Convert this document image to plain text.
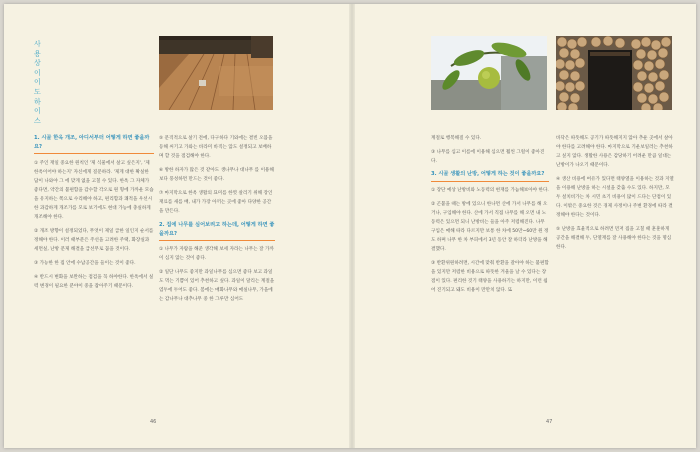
사용상이이도하이스
1. 시골 한옥 개조, 아디서부터 어떻게 하면 좋을까요?

① 주인 재일 중요한 원칙인 '제 식물에서 살고 싶은지', '제 한옥이어야 하는지' 자신에게 질문하라. '제게 대한 확실한 답이 나와야 그 에 맞게 없을 고칠 수 있다. 한옥 그 자체가 좋다면, 약간의 불편함을 감수할 각오로 원 형에 가까운 모습을 유지하는 쪽으로 수리해야 하고, 편리함과 쾌적을 우선시한 과감하게 개조가를 모로 보기에도 현대 가능에 충실하게 개조해야 한다.

② 개조 방향이 설정되었다, 무엇이 제일 급한 일인지 순서를 정해야 한다. 이러 때부분은 주선을 고려한 주택, 화장실과 세면실, 난방 문제 해결을 급선무로 꼽을 것이다.

③ 가능한 한 집 안에 수납공간을 들이는 것이 좋다.

④ 반드시 변화을 보완하는 점검을 꼭 하야한다. 한옥에서 실력 변경이 필요한 분야이 중을 잡아주기 때문이다.

⑤ 문격적으로 살기 전에, 다구하다 기와에는 결빈 오믐을 등해 씨기고 가와는 바라미 바직는 않도 설정되고 보배하며 할 것을 점검해야 한다.

⑥ 방한 하자가 많은 것 같아도 생나무나 대나무 를 이용해 보다 풍성하면 만드는 것이 좋다.

⑦ 마지막으로 한옥 생활의 묘미를 한껏 살리기 위해 장인 재료를 새를 배, 내가 가장 아끼는 곳에 좋아 다양한 공간을 만든다.

2. 집에 나무를 심어보려고 하는데, 어떻게 하면 좋을까요?

① 나무가 자람을 해준 생각해 보세 자라는 나무는 잘 가까이 심지 않는 것이 좋다.

② 일단 나무도 좋지만 과일나무를 심으면 좋다 보고 과일도 먹는 기쁨이 있어 추천하고 싶다. 과일이 달리는 계절을 염두에 두어도 좋다. 봄에는 매화나무와 매실나무, 가을에는 감나무나 대추나무 중 한 그루만 심어도

계절로 행복해질 수 있다.

③ 나무를 심고 이름에 이용해 심으면 훨씬 그럴이 좋아진다.

3. 시골 생활의 난방, 어떻게 하는 것이 좋을까요?

① 장단 예상 난방비와 노동력의 현재를 가늠해보아야 한다.

② 곤불을 때는 방에 있으니 한나면 산에 가서 나무를 해 오거나, 구입해야 한다. 산에 가서 직접 나무를 해 오면 내 노동력은 있으면 되니 난방비는 들을 아주 저렴해진다. 나무 구입은 매해 따라 다르지만 보통 한 차에 50만~60만 원 정도 하며 나무 한 차 부피에서 3년 동안 잘 하더라 난방을 해결했다.

③ 반환위원하려면, 시간에 맞춰 반환을 갈아야 하는 불편함을 있지만 저렴한 비용으로 따뜻한 겨울을 날 수 있다는 장점이 있다. 편리한 것기 태양을 사용하기는 하지만, 이런 쉽어 진기되고 돼도 비용이 만만치 않다. 또

바닥은 따뜻해도 공기가 따뜻해지지 않아 추운 곳에서 살아야 한다를 고려해야 한다. 마지막으로 기운보일러는 추천하고 싶지 않다. 생활한 사용은 감당하기 어려운 만큼 일대는 난방이가 나오기 때문이다.

④ 생산 비용에 여유가 있다면 태양열을 이용하는 것과 지열을 이용해 난방을 하는 시설을 갖출 수도 있다. 하지만, 모두 설치비가는 차 시민 초기 비용이 많이 드다는 단점이 있다. 이밖은 중요한 것은 경제 사정이나 주변 환경에 따라 결정해야 한다는 것이다.

⑤ 난방을 효율적으로 하려면 먼저 집을 고칠 때 훈훈하게 공간을 해결해 두, 단열재를 잘 사용해야 한다는 것을 명심한다.

46	47
